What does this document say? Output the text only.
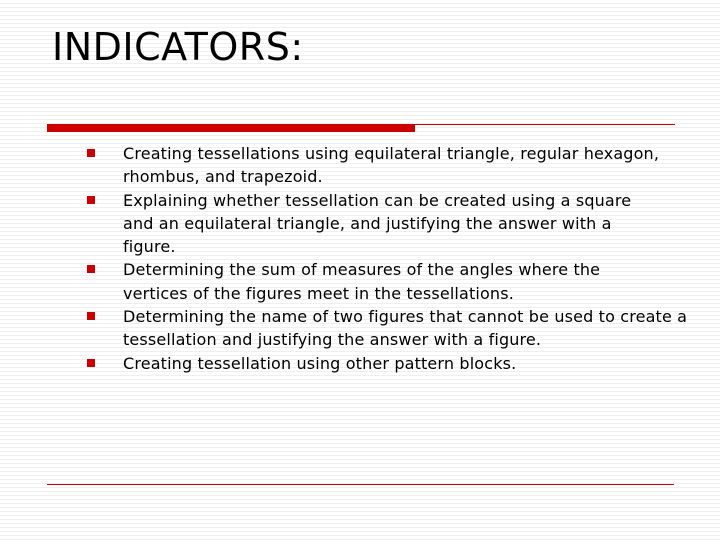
INDICATORS:
Creating tessellations using equilateral triangle, regular hexagon, rhombus, and trapezoid.
Explaining whether tessellation can be created using a square and an equilateral triangle, and justifying the answer with a figure.
Determining the sum of measures of the angles where the vertices of the figures meet in the tessellations.
Determining the name of two figures that cannot be used to create a tessellation and justifying the answer with a figure.
Creating tessellation using other pattern blocks.
